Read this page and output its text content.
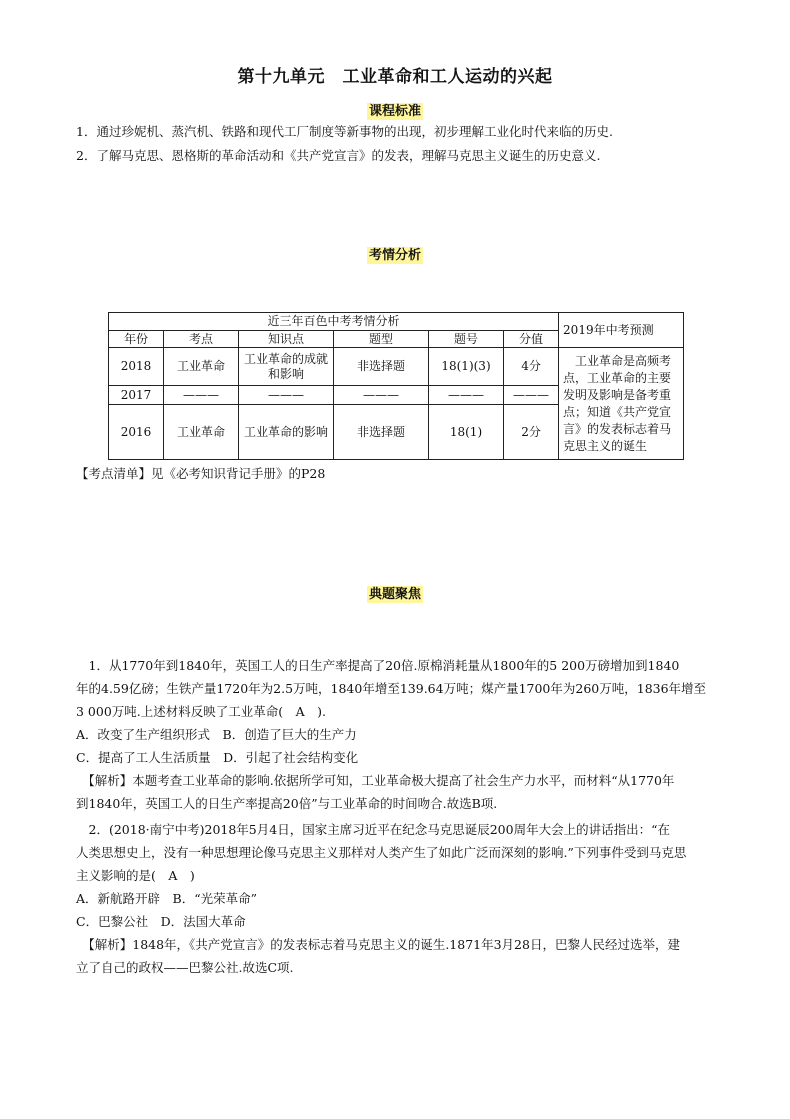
第十九单元　工业革命和工人运动的兴起
课程标准
1．通过珍妮机、蒸汽机、铁路和现代工厂制度等新事物的出现，初步理解工业化时代来临的历史.
2．了解马克思、恩格斯的革命活动和《共产党宣言》的发表，理解马克思主义诞生的历史意义.
考情分析
近三年百色中考考情分析						2019年中考预测
年份	考点	知识点	题型	题号	分值	
2018	工业革命	工业革命的成就和影响	非选择题	18(1)(3)	4分	　工业革命是高频考点，工业革命的主要发明及影响是备考重点；知道《共产党宣言》的发表标志着马克思主义的诞生
2017	———	———	———	———	———	
2016	工业革命	工业革命的影响	非选择题	18(1)	2分	
【考点清单】见《必考知识背记手册》的P28
典题聚焦
　1．从1770年到1840年，英国工人的日生产率提高了20倍.原棉消耗量从1800年的5 200万磅增加到1840
年的4.59亿磅；生铁产量1720年为2.5万吨，1840年增至139.64万吨；煤产量1700年为260万吨，1836年增至
3 000万吨.上述材料反映了工业革命(　A　).
A．改变了生产组织形式　B．创造了巨大的生产力
C．提高了工人生活质量　D．引起了社会结构变化
　【解析】本题考查工业革命的影响.依据所学可知，工业革命极大提高了社会生产力水平，而材料“从1770年
到1840年，英国工人的日生产率提高20倍”与工业革命的时间吻合.故选B项.
　2．(2018·南宁中考)2018年5月4日，国家主席习近平在纪念马克思诞辰200周年大会上的讲话指出：“在
人类思想史上，没有一种思想理论像马克思主义那样对人类产生了如此广泛而深刻的影响.”下列事件受到马克思
主义影响的是(　A　)
A．新航路开辟　B．“光荣革命”
C．巴黎公社　D．法国大革命
　【解析】1848年，《共产党宣言》的发表标志着马克思主义的诞生.1871年3月28日，巴黎人民经过选举，建
立了自己的政权——巴黎公社.故选C项.
